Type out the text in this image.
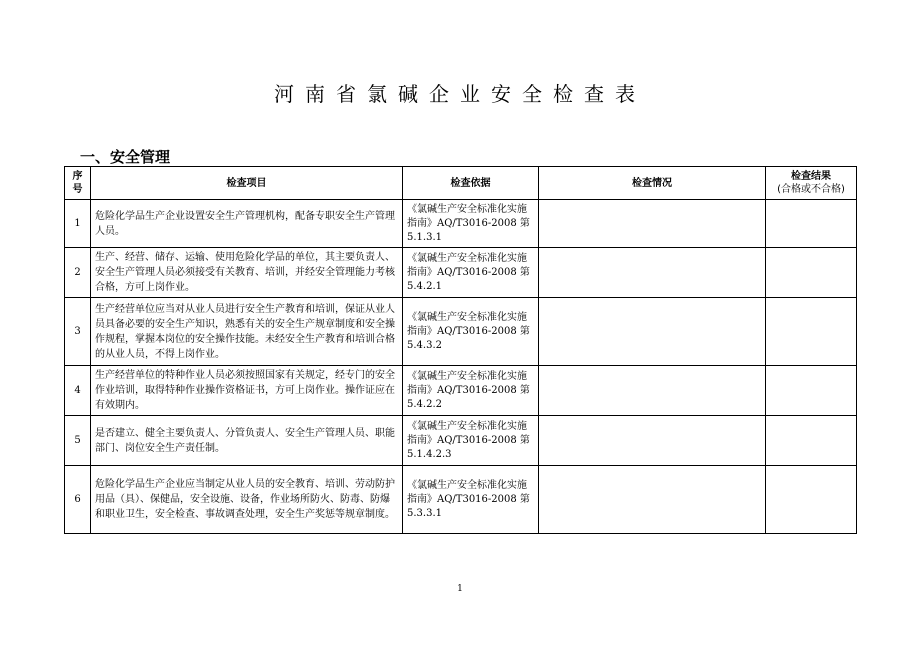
河南省氯碱企业安全检查表
一、安全管理
序号	检查项目	检查依据	检查情况	检查结果
(合格或不合格)

1	危险化学品生产企业设置安全生产管理机构，配备专职安全生产管理人员。	《氯碱生产安全标准化实施指南》AQ/T3016-2008 第5.1.3.1		
2	生产、经营、储存、运输、使用危险化学品的单位，其主要负责人、安全生产管理人员必须接受有关教育、培训，并经安全管理能力考核合格，方可上岗作业。	《氯碱生产安全标准化实施指南》AQ/T3016-2008 第5.4.2.1		
3	生产经营单位应当对从业人员进行安全生产教育和培训，保证从业人员具备必要的安全生产知识，熟悉有关的安全生产规章制度和安全操作规程，掌握本岗位的安全操作技能。未经安全生产教育和培训合格的从业人员，不得上岗作业。	《氯碱生产安全标准化实施指南》AQ/T3016-2008 第5.4.3.2		
4	生产经营单位的特种作业人员必须按照国家有关规定，经专门的安全作业培训，取得特种作业操作资格证书，方可上岗作业。操作证应在有效期内。	《氯碱生产安全标准化实施指南》AQ/T3016-2008 第5.4.2.2		
5	是否建立、健全主要负责人、分管负责人、安全生产管理人员、职能部门、岗位安全生产责任制。	《氯碱生产安全标准化实施指南》AQ/T3016-2008 第5.1.4.2.3		
6	危险化学品生产企业应当制定从业人员的安全教育、培训、劳动防护用品（具）、保健品，安全设施、设备，作业场所防火、防毒、防爆和职业卫生，安全检查、事故调查处理，安全生产奖惩等规章制度。	《氯碱生产安全标准化实施指南》AQ/T3016-2008 第5.3.3.1		
1
